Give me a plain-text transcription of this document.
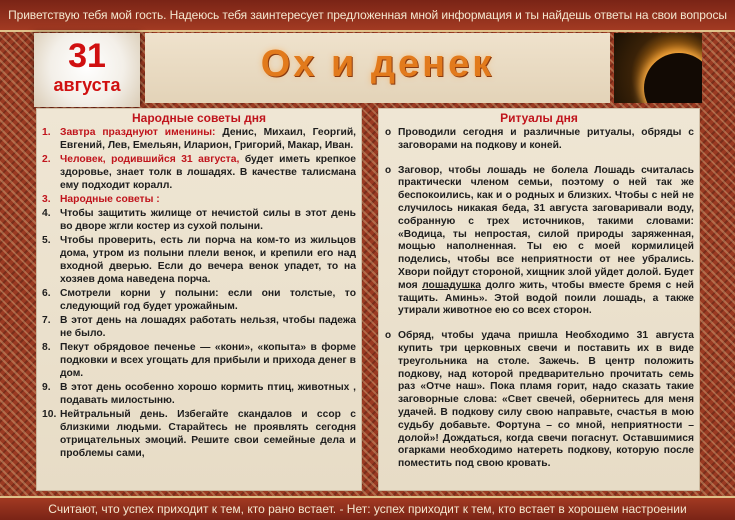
Приветствую тебя мой гость. Надеюсь тебя заинтересует предложенная мной информация и ты найдешь ответы на свои вопросы
31
августа	Ох и денек
Народные советы дня
1. Завтра празднуют именины: Денис, Михаил, Георгий, Евгений, Лев, Емельян, Иларион, Григорий, Макар, Иван.
2. Человек, родившийся 31 августа, будет иметь крепкое здоровье, знает толк в лошадях. В качестве талисмана ему подходит коралл.
3. Народные советы :
4. Чтобы защитить жилище от нечистой силы в этот день во дворе жгли костер из сухой полыни.
5. Чтобы проверить, есть ли порча на ком-то из жильцов дома, утром из полыни плели венок, и крепили его над входной дверью. Если до вечера венок упадет, то на хозяев дома наведена порча.
6. Смотрели корни у полыни: если они толстые, то следующий год будет урожайным.
7. В этот день на лошадях работать нельзя, чтобы падежа не было.
8. Пекут обрядовое печенье — «кони», «копыта» в форме подковки и всех угощать для прибыли и прихода денег в дом.
9. В этот день особенно хорошо кормить птиц, животных , подавать милостыню.
10. Нейтральный день. Избегайте скандалов и ссор с близкими людьми. Старайтесь не проявлять сегодня отрицательных эмоций. Решите свои семейные дела и проблемы сами,
Ритуалы дня
o Проводили сегодня и различные ритуалы, обряды с заговорами на подкову и коней.
o Заговор, чтобы лошадь не болела Лошадь считалась практически членом семьи, поэтому о ней так же беспокоились, как и о родных и близких. Чтобы с ней не случилось никакая беда, 31 августа заговаривали воду, собранную с трех источников, такими словами: «Водица, ты непростая, силой природы заряженная, мощью наполненная. Ты ею с моей кормилицей поделись, чтобы все неприятности от нее убрались. Хвори пойдут стороной, хищник злой уйдет долой. Будет моя лошадушка долго жить, чтобы вместе бремя с ней тащить. Аминь». Этой водой поили лошадь, а также утирали животное ею со всех сторон.
o Обряд, чтобы удача пришла Необходимо 31 августа купить три церковных свечи и поставить их в виде треугольника на столе. Зажечь. В центр положить подкову, над которой предварительно прочитать семь раз «Отче наш». Пока пламя горит, надо сказать такие заговорные слова: «Свет свечей, обернитесь для меня удачей. В подкову силу свою направьте, счастья в мою судьбу добавьте. Фортуна – со мной, неприятности – долой»! Дождаться, когда свечи погаснут. Оставшимися огарками необходимо натереть подкову, которую после поместить под свою кровать.
Считают, что успех приходит к тем, кто рано встает. - Нет: успех приходит к тем, кто встает в хорошем настроении
